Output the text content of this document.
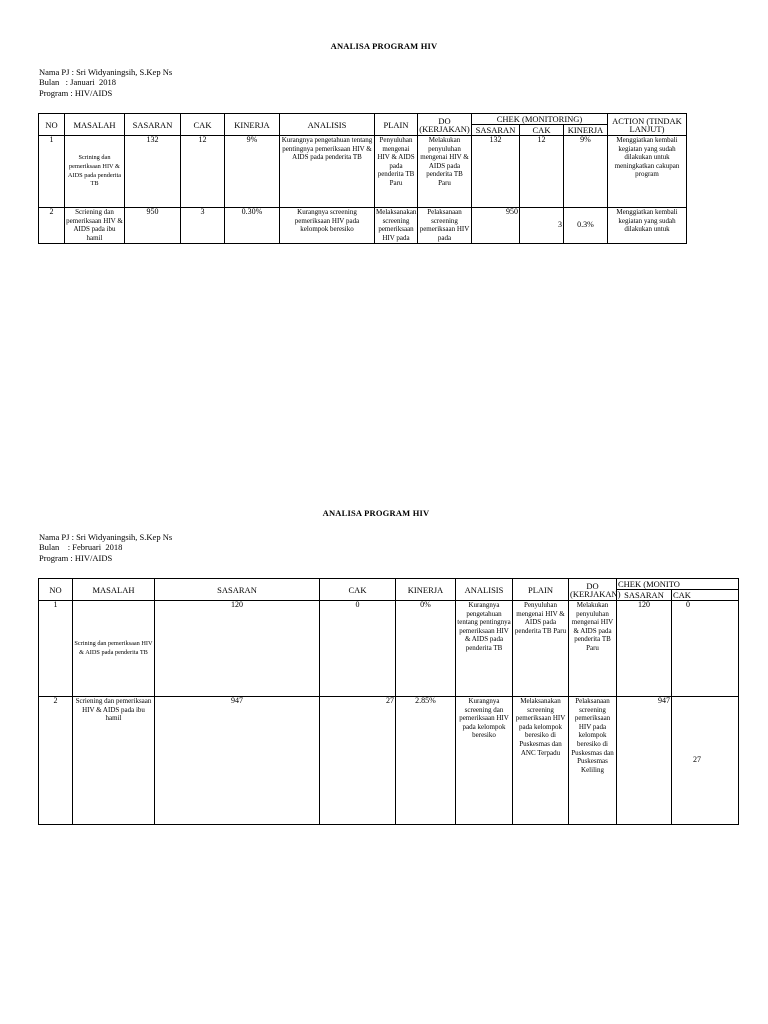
ANALISA PROGRAM HIV
Nama PJ : Sri Widyaningsih, S.Kep Ns
Bulan   : Januari  2018
Program : HIV/AIDS
NO	MASALAH	SASARAN	CAK	KINERJA	ANALISIS	PLAIN	DO (KERJAKAN)	CHEK (MONITORING)			ACTION (TINDAK LANJUT)
								SASARAN	CAK	KINERJA	
1	Scrining dan pemeriksaan HIV & AIDS pada penderita TB	132	12	9%	Kurangnya pengetahuan tentang pentingnya pemeriksaan HIV & AIDS pada penderita TB	Penyuluhan mengenai HIV & AIDS pada penderita TB Paru	Melakukan penyuluhan mengenai HIV & AIDS pada penderita TB Paru	132	12	9%	Menggiatkan kembali kegiatan yang sudah dilakukan untuk meningkatkan cakupan program
2	Scriening dan pemeriksaan HIV & AIDS pada ibu hamil	950	3	0.30%	Kurangnya screening pemeriksaan HIV pada kelompok beresiko	Melaksanakan screening pemeriksaan HIV pada	Pelaksanaan screening pemeriksaan HIV pada	950	3	0.3%	Menggiatkan kembali kegiatan yang sudah dilakukan untuk
ANALISA PROGRAM HIV
Nama PJ : Sri Widyaningsih, S.Kep Ns
Bulan    : Februari  2018
Program : HIV/AIDS
NO	MASALAH	SASARAN	CAK	KINERJA	ANALISIS	PLAIN	DO (KERJAKAN)	CHEK (MONITO	
								SASARAN	CAK
1	Scrining dan pemeriksaan HIV & AIDS pada penderita TB	120	0	0%	Kurangnya pengetahuan tentang pentingnya pemeriksaan HIV & AIDS pada penderita TB	Penyuluhan mengenai HIV & AIDS pada penderita TB Paru	Melakukan penyuluhan mengenai HIV & AIDS pada penderita TB Paru	120	0
2	Scriening dan pemeriksaan HIV & AIDS pada ibu hamil	947	27	2.85%	Kurangnya screening dan pemeriksaan HIV pada kelompok beresiko	Melaksanakan screening pemeriksaan HIV pada kelompok beresiko di Puskesmas dan ANC Terpadu	Pelaksanaan screening pemeriksaan HIV pada kelompok beresiko di Puskesmas dan Puskesmas Keliling	947	27
